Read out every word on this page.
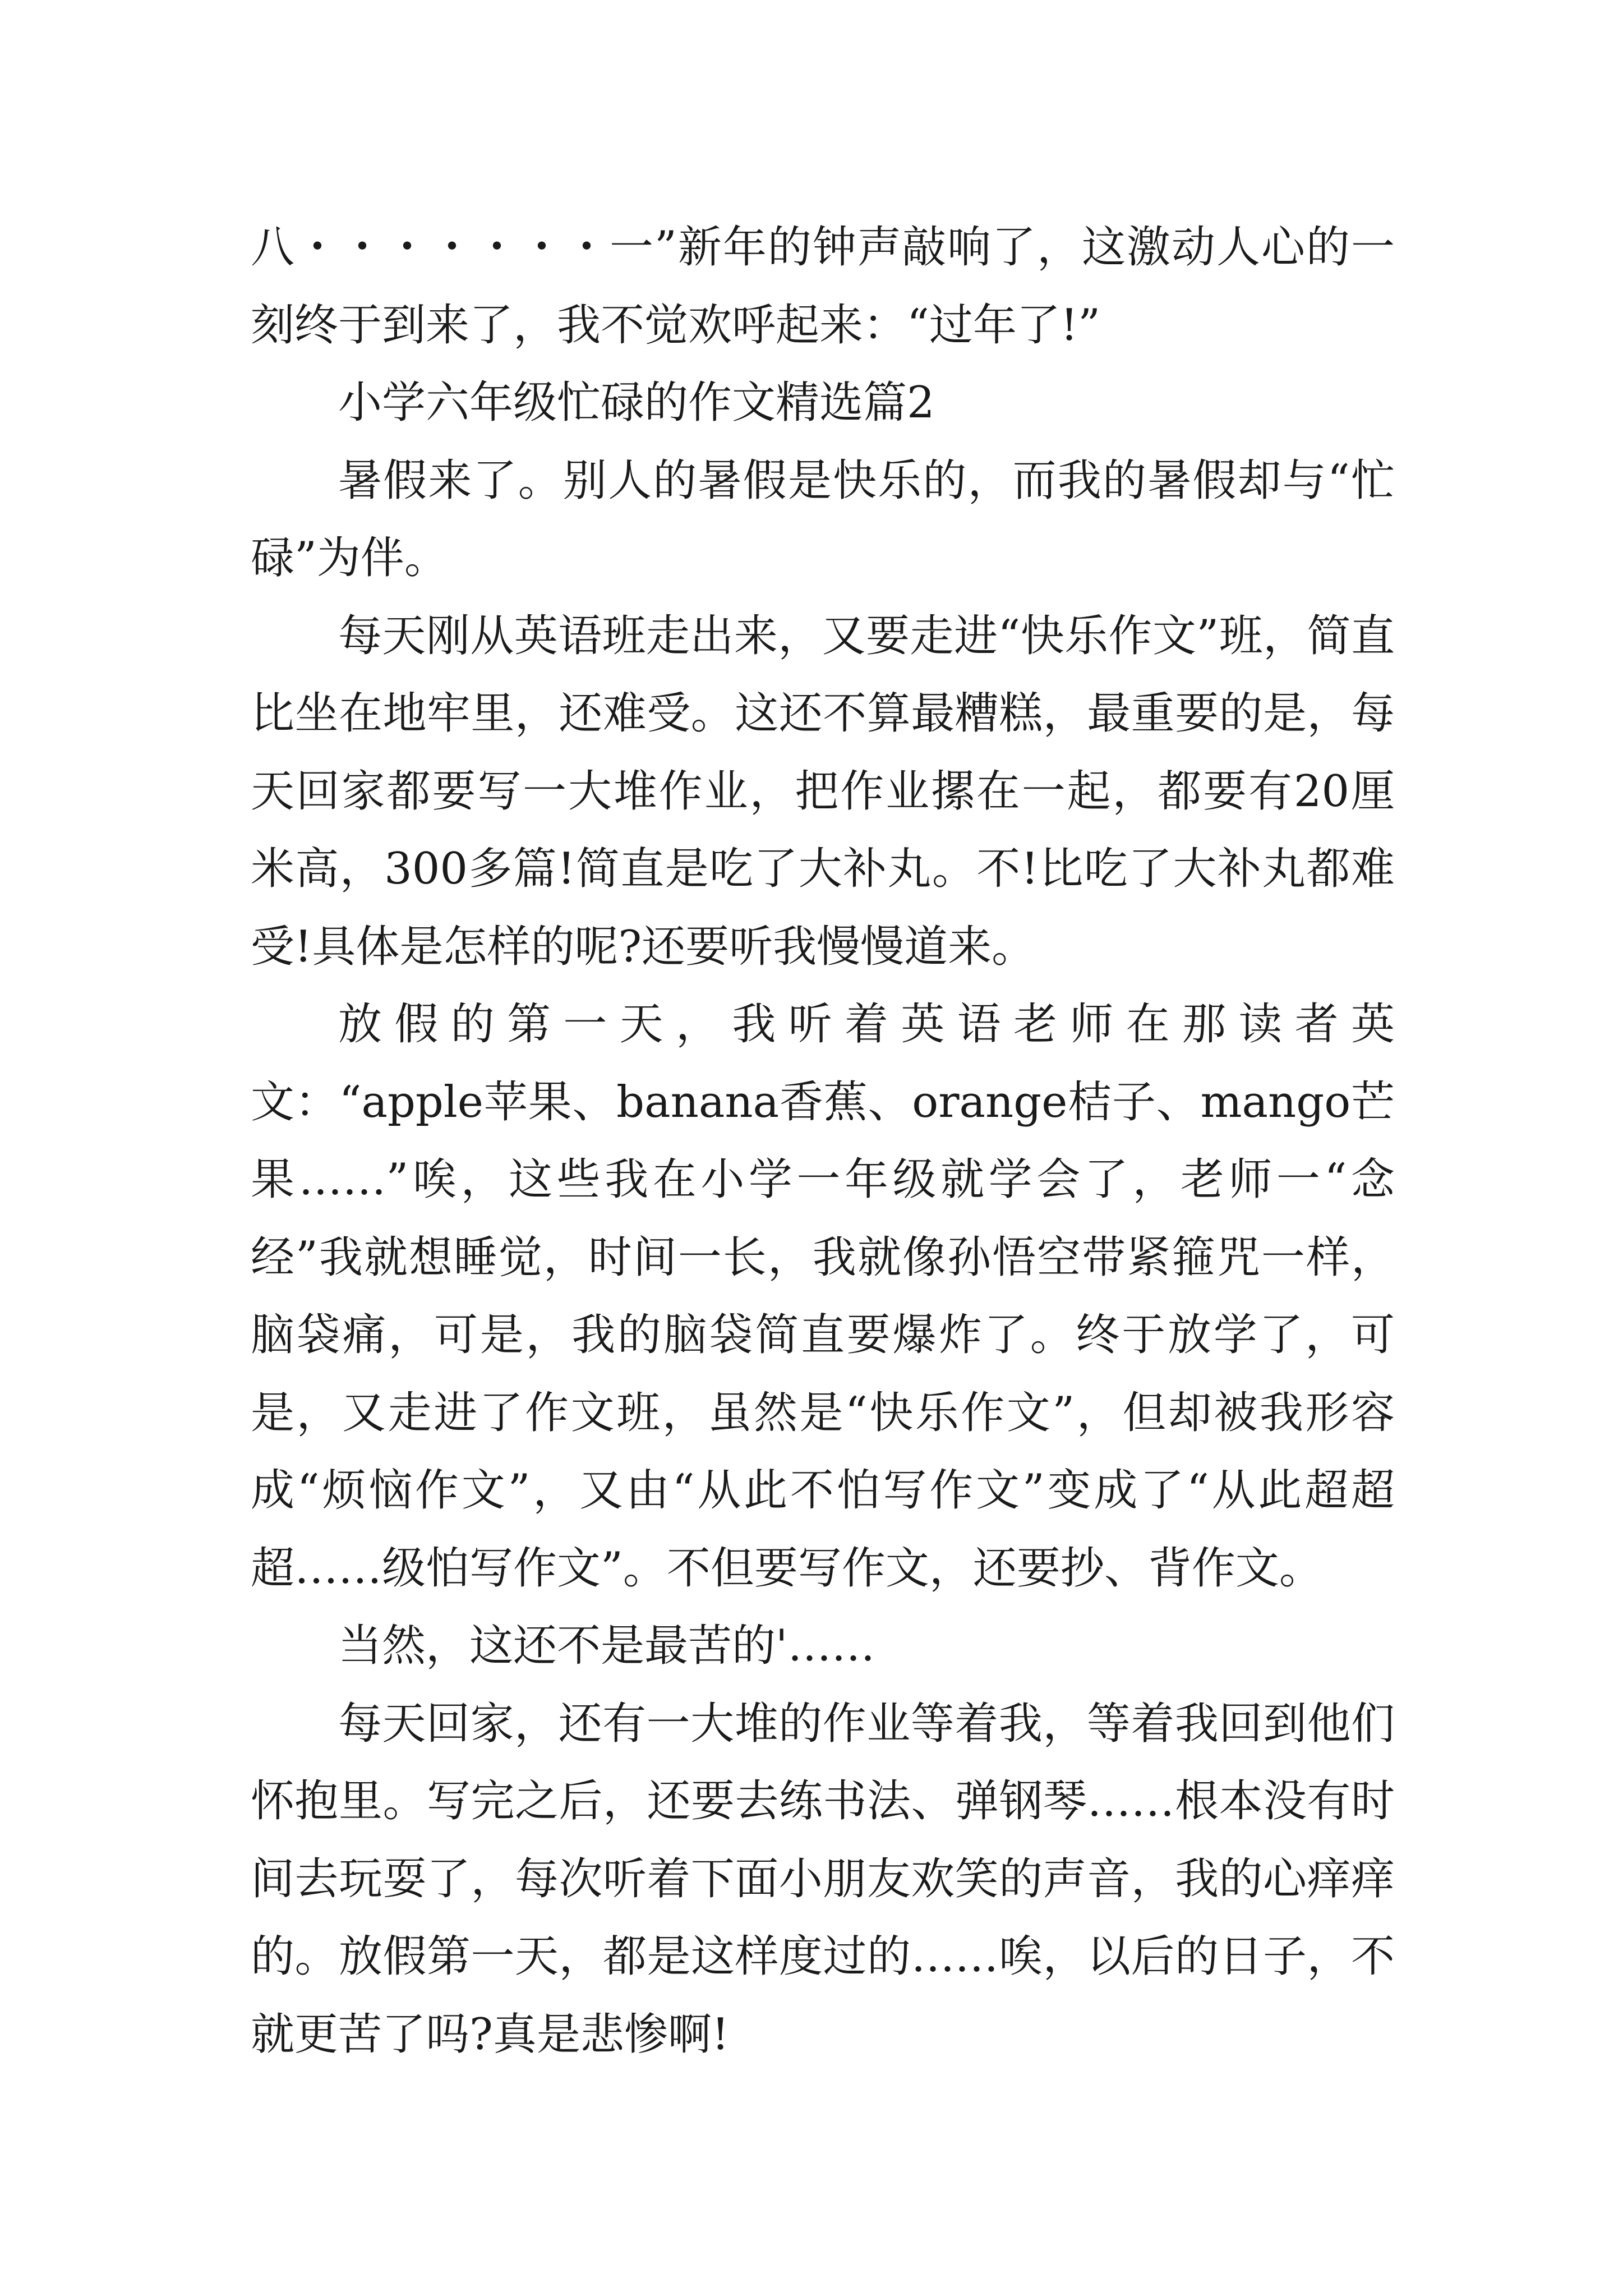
八・・・・・・・一”新年的钟声敲响了，这激动人心的一刻终于到来了，我不觉欢呼起来：“过年了!”

小学六年级忙碌的作文精选篇2

暑假来了。别人的暑假是快乐的，而我的暑假却与“忙碌”为伴。

每天刚从英语班走出来，又要走进“快乐作文”班，简直比坐在地牢里，还难受。这还不算最糟糕，最重要的是，每天回家都要写一大堆作业，把作业摞在一起，都要有20厘米高，300多篇!简直是吃了大补丸。不!比吃了大补丸都难受!具体是怎样的呢?还要听我慢慢道来。

放假的第一天，我听着英语老师在那读者英文：“apple苹果、banana香蕉、orange桔子、mango芒果……”唉，这些我在小学一年级就学会了，老师一“念经”我就想睡觉，时间一长，我就像孙悟空带紧箍咒一样，脑袋痛，可是，我的脑袋简直要爆炸了。终于放学了，可是，又走进了作文班，虽然是“快乐作文”，但却被我形容成“烦恼作文”，又由“从此不怕写作文”变成了“从此超超超……级怕写作文”。不但要写作文，还要抄、背作文。

当然，这还不是最苦的'……

每天回家，还有一大堆的作业等着我，等着我回到他们怀抱里。写完之后，还要去练书法、弹钢琴……根本没有时间去玩耍了，每次听着下面小朋友欢笑的声音，我的心痒痒的。放假第一天，都是这样度过的……唉，以后的日子，不就更苦了吗?真是悲惨啊!
